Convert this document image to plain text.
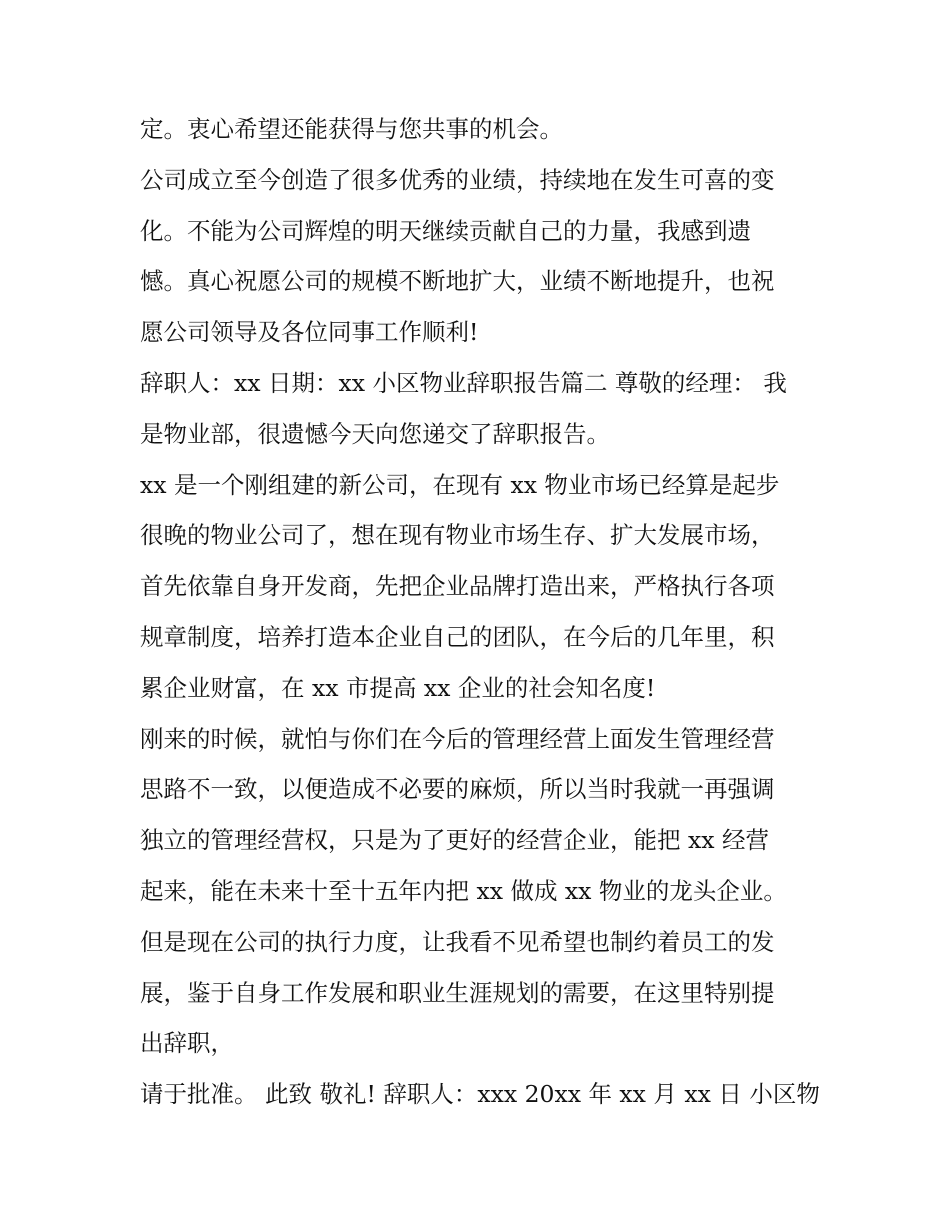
定。衷心希望还能获得与您共事的机会。
公司成立至今创造了很多优秀的业绩，持续地在发生可喜的变
化。不能为公司辉煌的明天继续贡献自己的力量，我感到遗
憾。真心祝愿公司的规模不断地扩大，业绩不断地提升，也祝
愿公司领导及各位同事工作顺利!
辞职人：xx 日期：xx 小区物业辞职报告篇二 尊敬的经理： 我
是物业部，很遗憾今天向您递交了辞职报告。
xx 是一个刚组建的新公司，在现有 xx 物业市场已经算是起步
很晚的物业公司了，想在现有物业市场生存、扩大发展市场，
首先依靠自身开发商，先把企业品牌打造出来，严格执行各项
规章制度，培养打造本企业自己的团队，在今后的几年里，积
累企业财富，在 xx 市提高 xx 企业的社会知名度!
刚来的时候，就怕与你们在今后的管理经营上面发生管理经营
思路不一致，以便造成不必要的麻烦，所以当时我就一再强调
独立的管理经营权，只是为了更好的经营企业，能把 xx 经营
起来，能在未来十至十五年内把 xx 做成 xx 物业的龙头企业。
但是现在公司的执行力度，让我看不见希望也制约着员工的发
展，鉴于自身工作发展和职业生涯规划的需要，在这里特别提
出辞职，
请于批准。 此致 敬礼! 辞职人：xxx 20xx 年 xx 月 xx 日 小区物
